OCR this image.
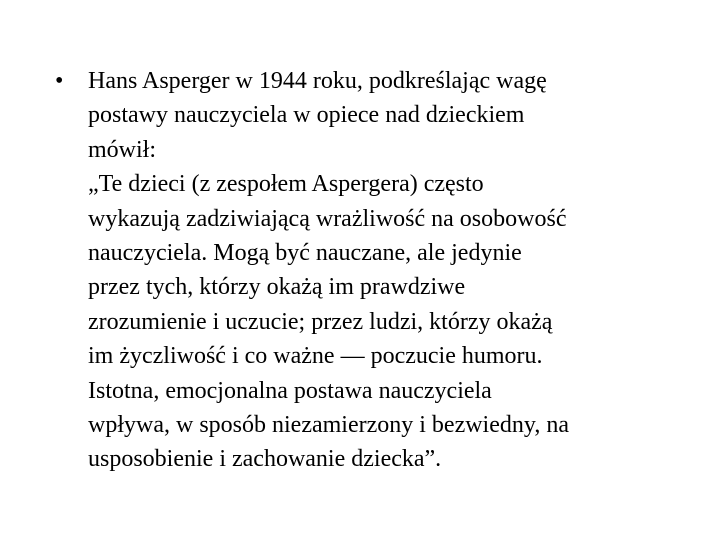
•	Hans Asperger w 1944 roku, podkreślając wagę
postawy nauczyciela w opiece nad dzieckiem
mówił:

„Te dzieci (z zespołem Aspergera) często
wykazują zadziwiającą wrażliwość na osobowość
nauczyciela. Mogą być nauczane, ale jedynie
przez tych, którzy okażą im prawdziwe
zrozumienie i uczucie; przez ludzi, którzy okażą
im życzliwość i co ważne — poczucie humoru.
Istotna, emocjonalna postawa nauczyciela
wpływa, w sposób niezamierzony i bezwiedny, na
usposobienie i zachowanie dziecka”.
